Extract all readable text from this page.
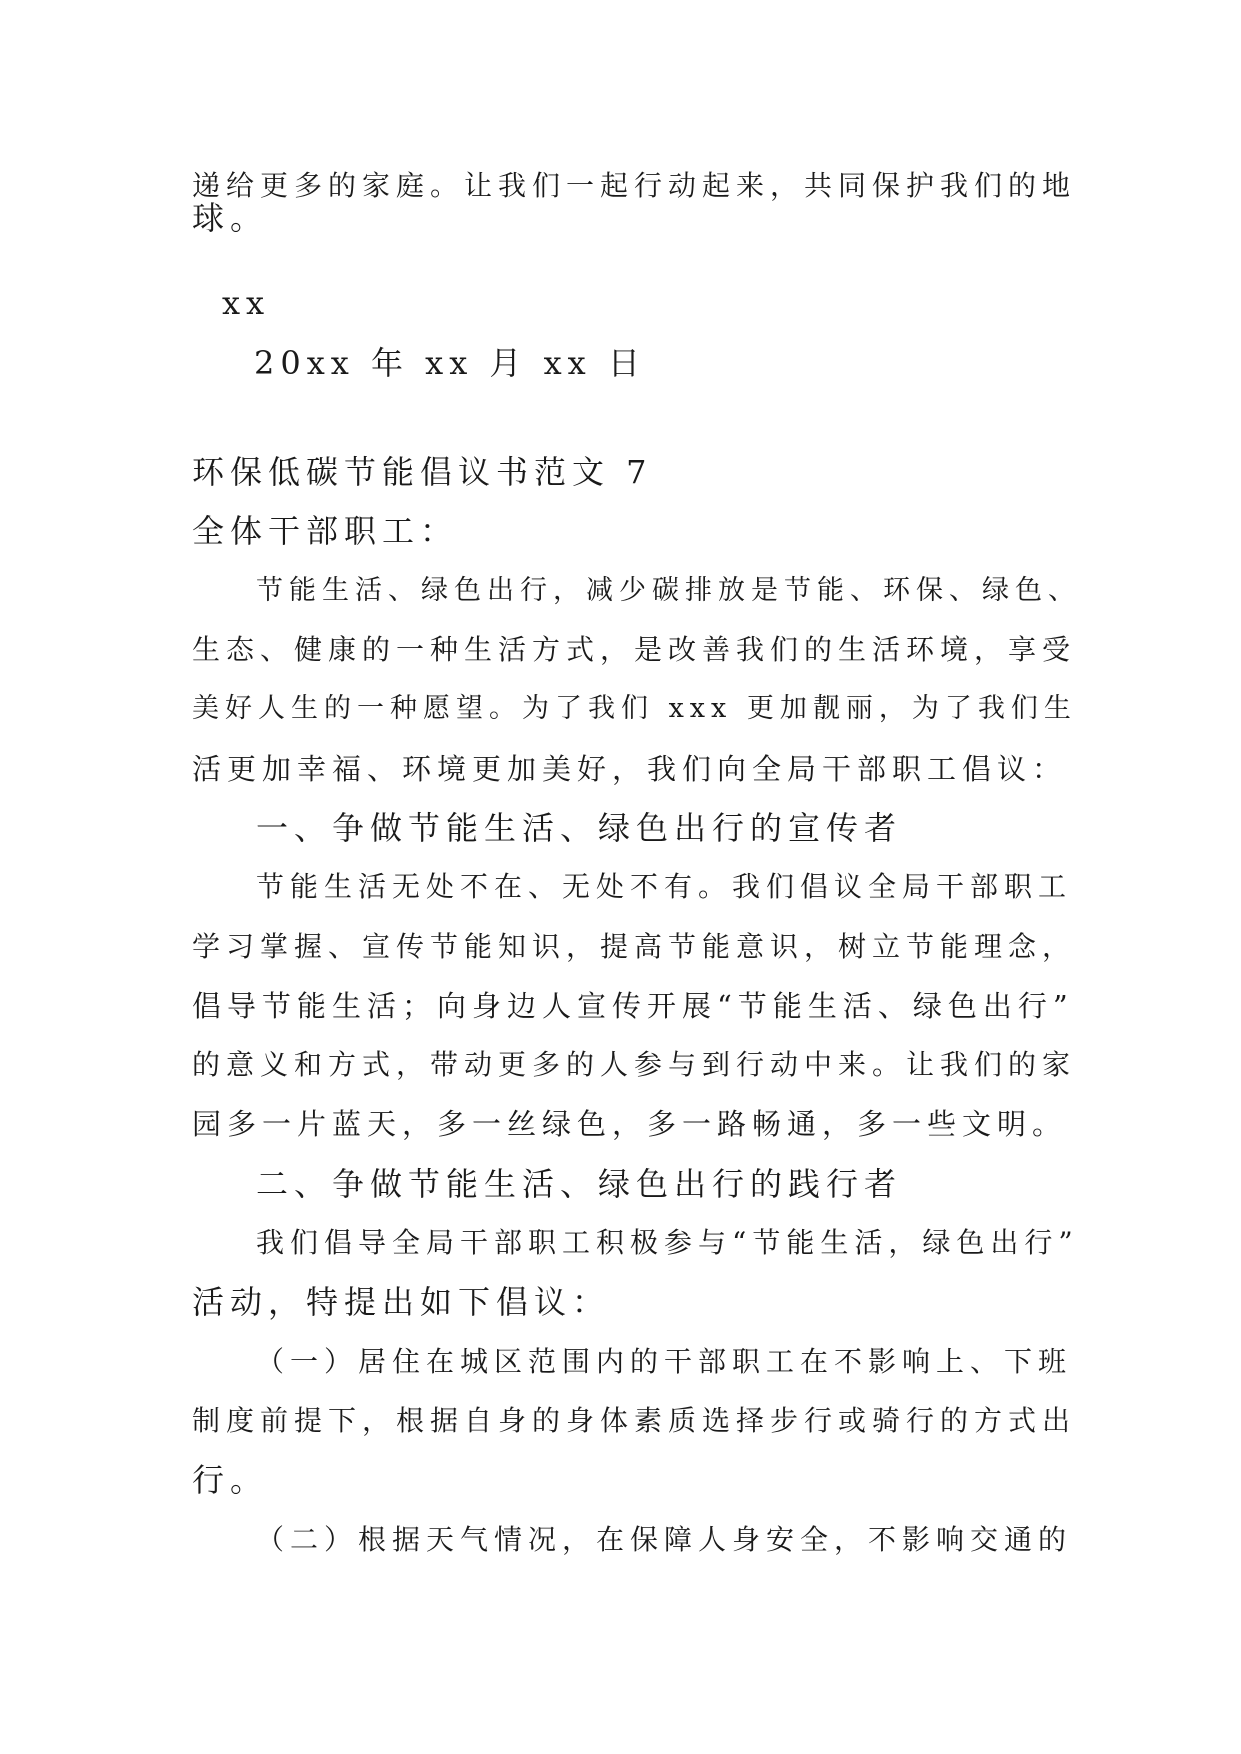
递给更多的家庭。让我们一起行动起来，共同保护我们的地

球。

xx

20xx 年 xx 月 xx 日

环保低碳节能倡议书范文 7

全体干部职工：

节能生活、绿色出行，减少碳排放是节能、环保、绿色、

生态、健康的一种生活方式，是改善我们的生活环境，享受

美好人生的一种愿望。为了我们 xxx 更加靓丽，为了我们生

活更加幸福、环境更加美好，我们向全局干部职工倡议：

一、争做节能生活、绿色出行的宣传者

节能生活无处不在、无处不有。我们倡议全局干部职工

学习掌握、宣传节能知识，提高节能意识，树立节能理念，

倡导节能生活；向身边人宣传开展“节能生活、绿色出行”

的意义和方式，带动更多的人参与到行动中来。让我们的家

园多一片蓝天，多一丝绿色，多一路畅通，多一些文明。

二、争做节能生活、绿色出行的践行者

我们倡导全局干部职工积极参与“节能生活，绿色出行”

活动，特提出如下倡议：

（一）居住在城区范围内的干部职工在不影响上、下班

制度前提下，根据自身的身体素质选择步行或骑行的方式出

行。

（二）根据天气情况，在保障人身安全，不影响交通的
